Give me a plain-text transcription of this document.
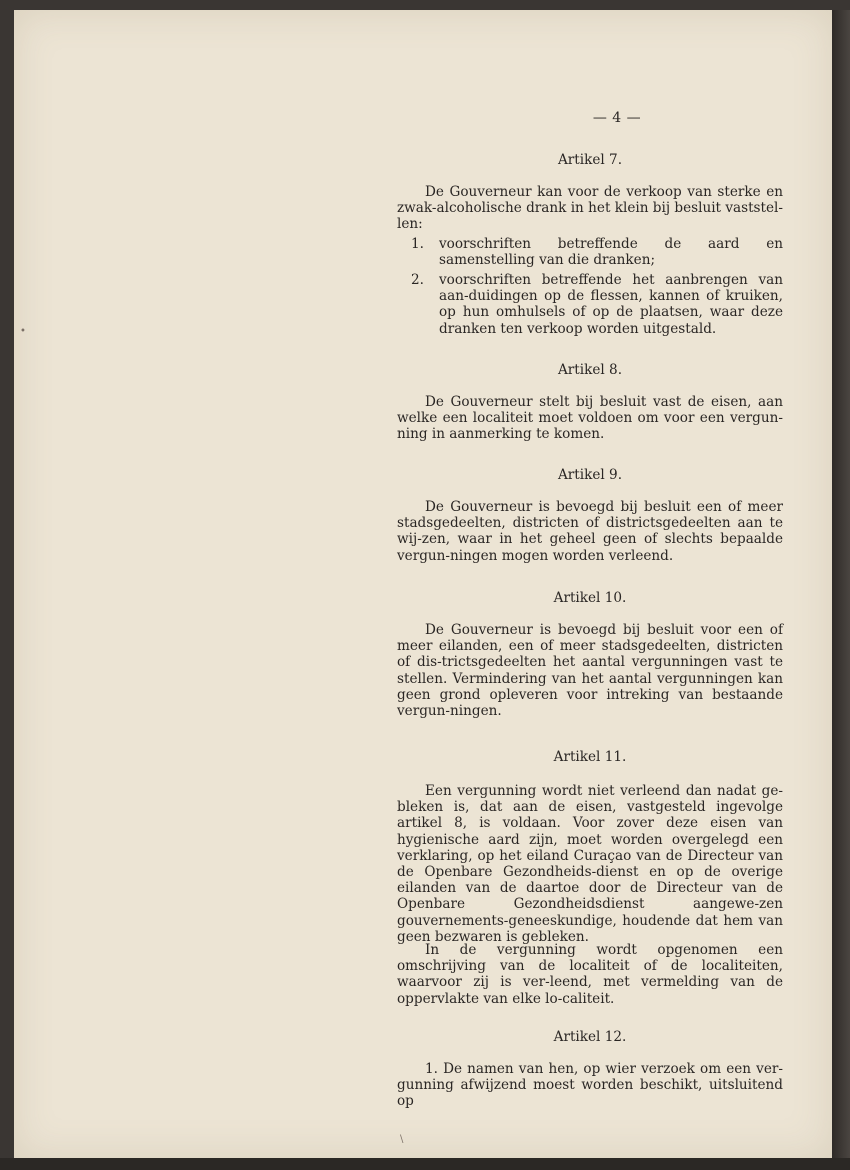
•
\
— 4 —
Artikel 7.

De Gouverneur kan voor de verkoop van sterke en zwak-alcoholische drank in het klein bij besluit vaststel-len:

1. voorschriften betreffende de aard en samenstelling van die dranken;
2. voorschriften betreffende het aanbrengen van aan-duidingen op de flessen, kannen of kruiken, op hun omhulsels of op de plaatsen, waar deze dranken ten verkoop worden uitgestald.
Artikel 8.

De Gouverneur stelt bij besluit vast de eisen, aan welke een localiteit moet voldoen om voor een vergun-ning in aanmerking te komen.

Artikel 9.

De Gouverneur is bevoegd bij besluit een of meer stadsgedeelten, districten of districtsgedeelten aan te wij-zen, waar in het geheel geen of slechts bepaalde vergun-ningen mogen worden verleend.

Artikel 10.

De Gouverneur is bevoegd bij besluit voor een of meer eilanden, een of meer stadsgedeelten, districten of dis-trictsgedeelten het aantal vergunningen vast te stellen. Vermindering van het aantal vergunningen kan geen grond opleveren voor intreking van bestaande vergun-ningen.

Artikel 11.

Een vergunning wordt niet verleend dan nadat ge-bleken is, dat aan de eisen, vastgesteld ingevolge artikel 8, is voldaan. Voor zover deze eisen van hygienische aard zijn, moet worden overgelegd een verklaring, op het eiland Curaçao van de Directeur van de Openbare Gezondheids-dienst en op de overige eilanden van de daartoe door de Directeur van de Openbare Gezondheidsdienst aangewe-zen gouvernements-geneeskundige, houdende dat hem van geen bezwaren is gebleken.

In de vergunning wordt opgenomen een omschrijving van de localiteit of de localiteiten, waarvoor zij is ver-leend, met vermelding van de oppervlakte van elke lo-caliteit.

Artikel 12.

1. De namen van hen, op wier verzoek om een ver-gunning afwijzend moest worden beschikt, uitsluitend op
